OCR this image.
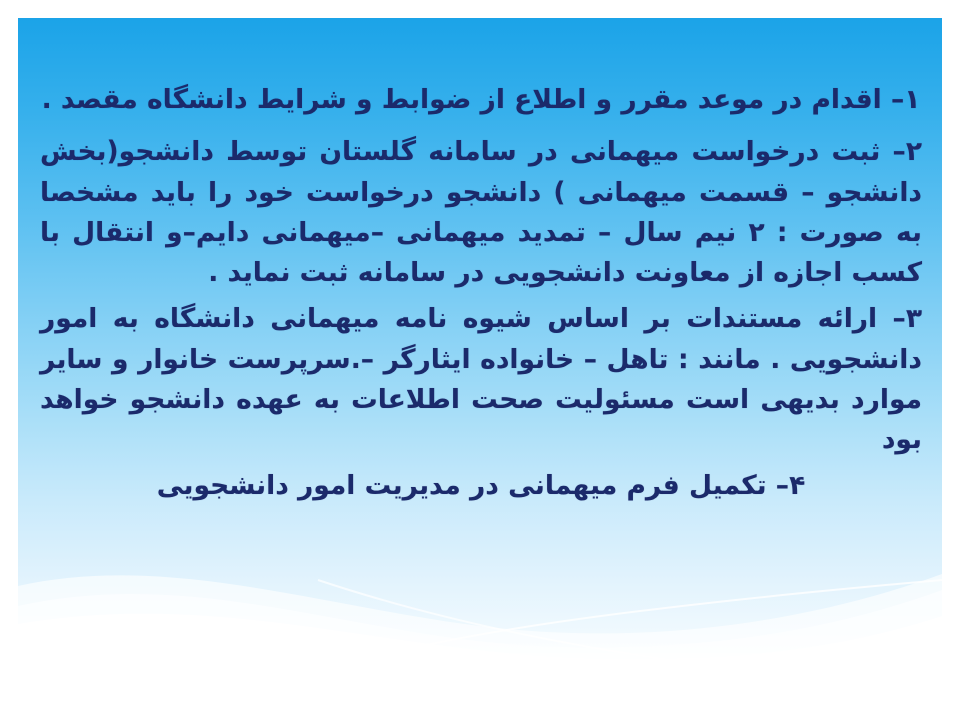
۱– اقدام در موعد مقرر و اطلاع از ضوابط و شرایط دانشگاه مقصد .

۲– ثبت درخواست میهمانی در سامانه گلستان توسط دانشجو(بخش دانشجو – قسمت میهمانی ) دانشجو درخواست خود را باید مشخصا به صورت : ۲ نیم سال – تمدید میهمانی –میهمانی دایم–و انتقال با کسب اجازه از معاونت دانشجویی در سامانه ثبت نماید .

۳– ارائه مستندات بر اساس شیوه نامه میهمانی دانشگاه به امور دانشجویی . مانند : تاهل – خانواده ایثارگر –.سرپرست خانوار و سایر موارد بدیهی است مسئولیت صحت اطلاعات به عهده دانشجو خواهد بود

۴– تکمیل فرم میهمانی در مدیریت امور دانشجویی
